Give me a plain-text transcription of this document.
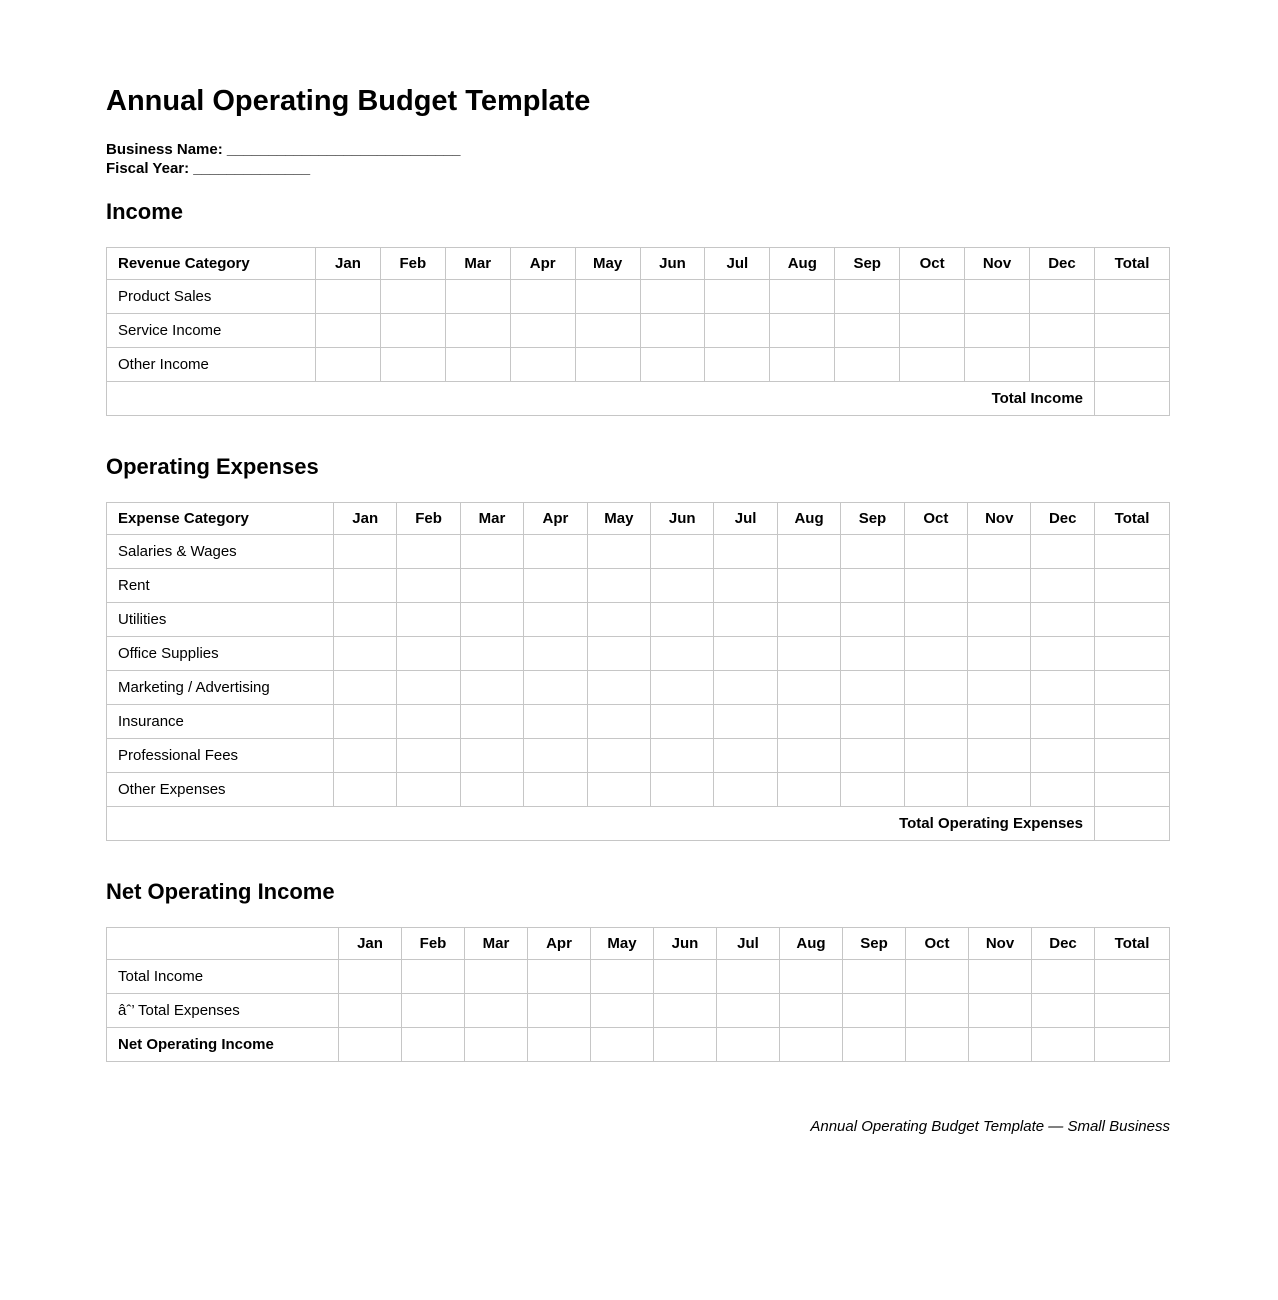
Annual Operating Budget Template
Business Name: ____________________________
Fiscal Year: ______________
Income
Revenue Category	Jan	Feb	Mar	Apr	May	Jun	Jul	Aug	Sep	Oct	Nov	Dec	Total
Product Sales													
Service Income													
Other Income													
Total Income													
Operating Expenses
Expense Category	Jan	Feb	Mar	Apr	May	Jun	Jul	Aug	Sep	Oct	Nov	Dec	Total
Salaries & Wages													
Rent													
Utilities													
Office Supplies													
Marketing / Advertising													
Insurance													
Professional Fees													
Other Expenses													
Total Operating Expenses													
Net Operating Income
	Jan	Feb	Mar	Apr	May	Jun	Jul	Aug	Sep	Oct	Nov	Dec	Total
Total Income													
âˆ’ Total Expenses													
Net Operating Income													
Annual Operating Budget Template — Small Business
